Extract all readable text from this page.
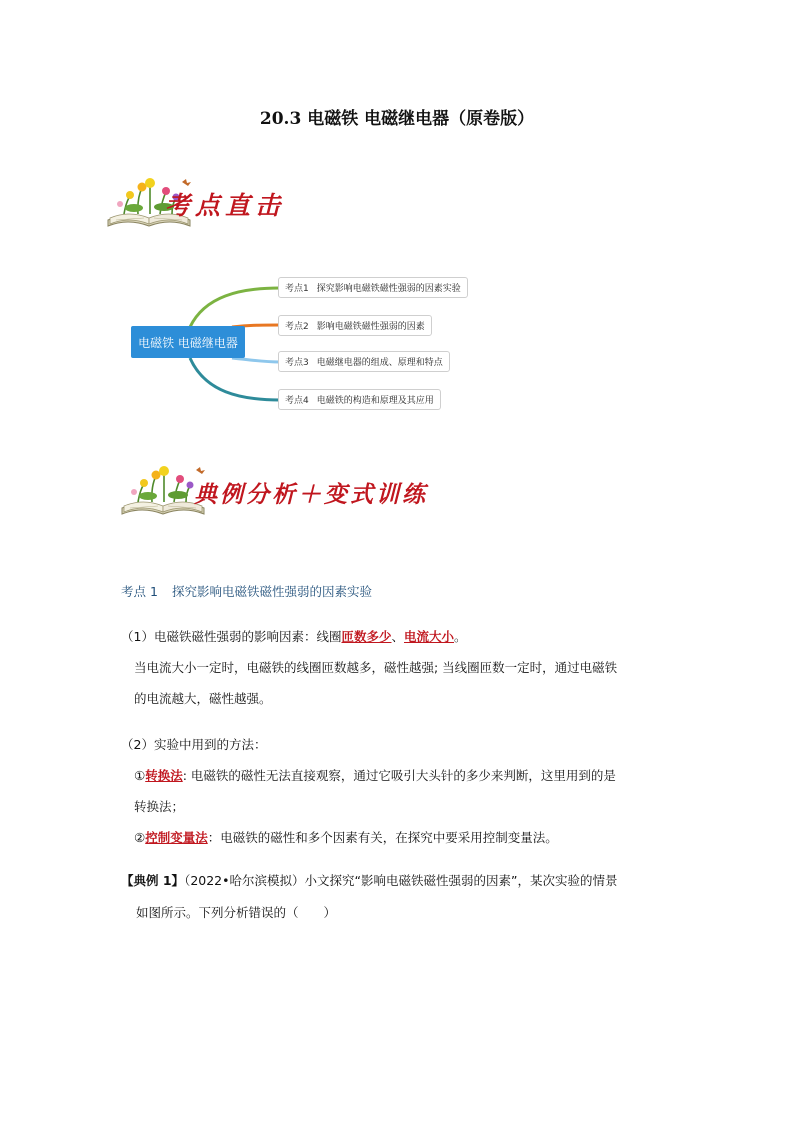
20.3 电磁铁 电磁继电器（原卷版）
考点直击
电磁铁 电磁继电器
考点1 探究影响电磁铁磁性强弱的因素实验
考点2 影响电磁铁磁性强弱的因素
考点3 电磁继电器的组成、原理和特点
考点4 电磁铁的构造和原理及其应用
典例分析＋变式训练
考点 1 探究影响电磁铁磁性强弱的因素实验
（1）电磁铁磁性强弱的影响因素：线圈匝数多少、电流大小。
当电流大小一定时，电磁铁的线圈匝数越多，磁性越强; 当线圈匝数一定时，通过电磁铁
的电流越大，磁性越强。
（2）实验中用到的方法：
①转换法: 电磁铁的磁性无法直接观察，通过它吸引大头针的多少来判断，这里用到的是
转换法；
②控制变量法：电磁铁的磁性和多个因素有关，在探究中要采用控制变量法。
【典例 1】（2022•哈尔滨模拟）小文探究“影响电磁铁磁性强弱的因素”，某次实验的情景
如图所示。下列分析错误的（　　）
